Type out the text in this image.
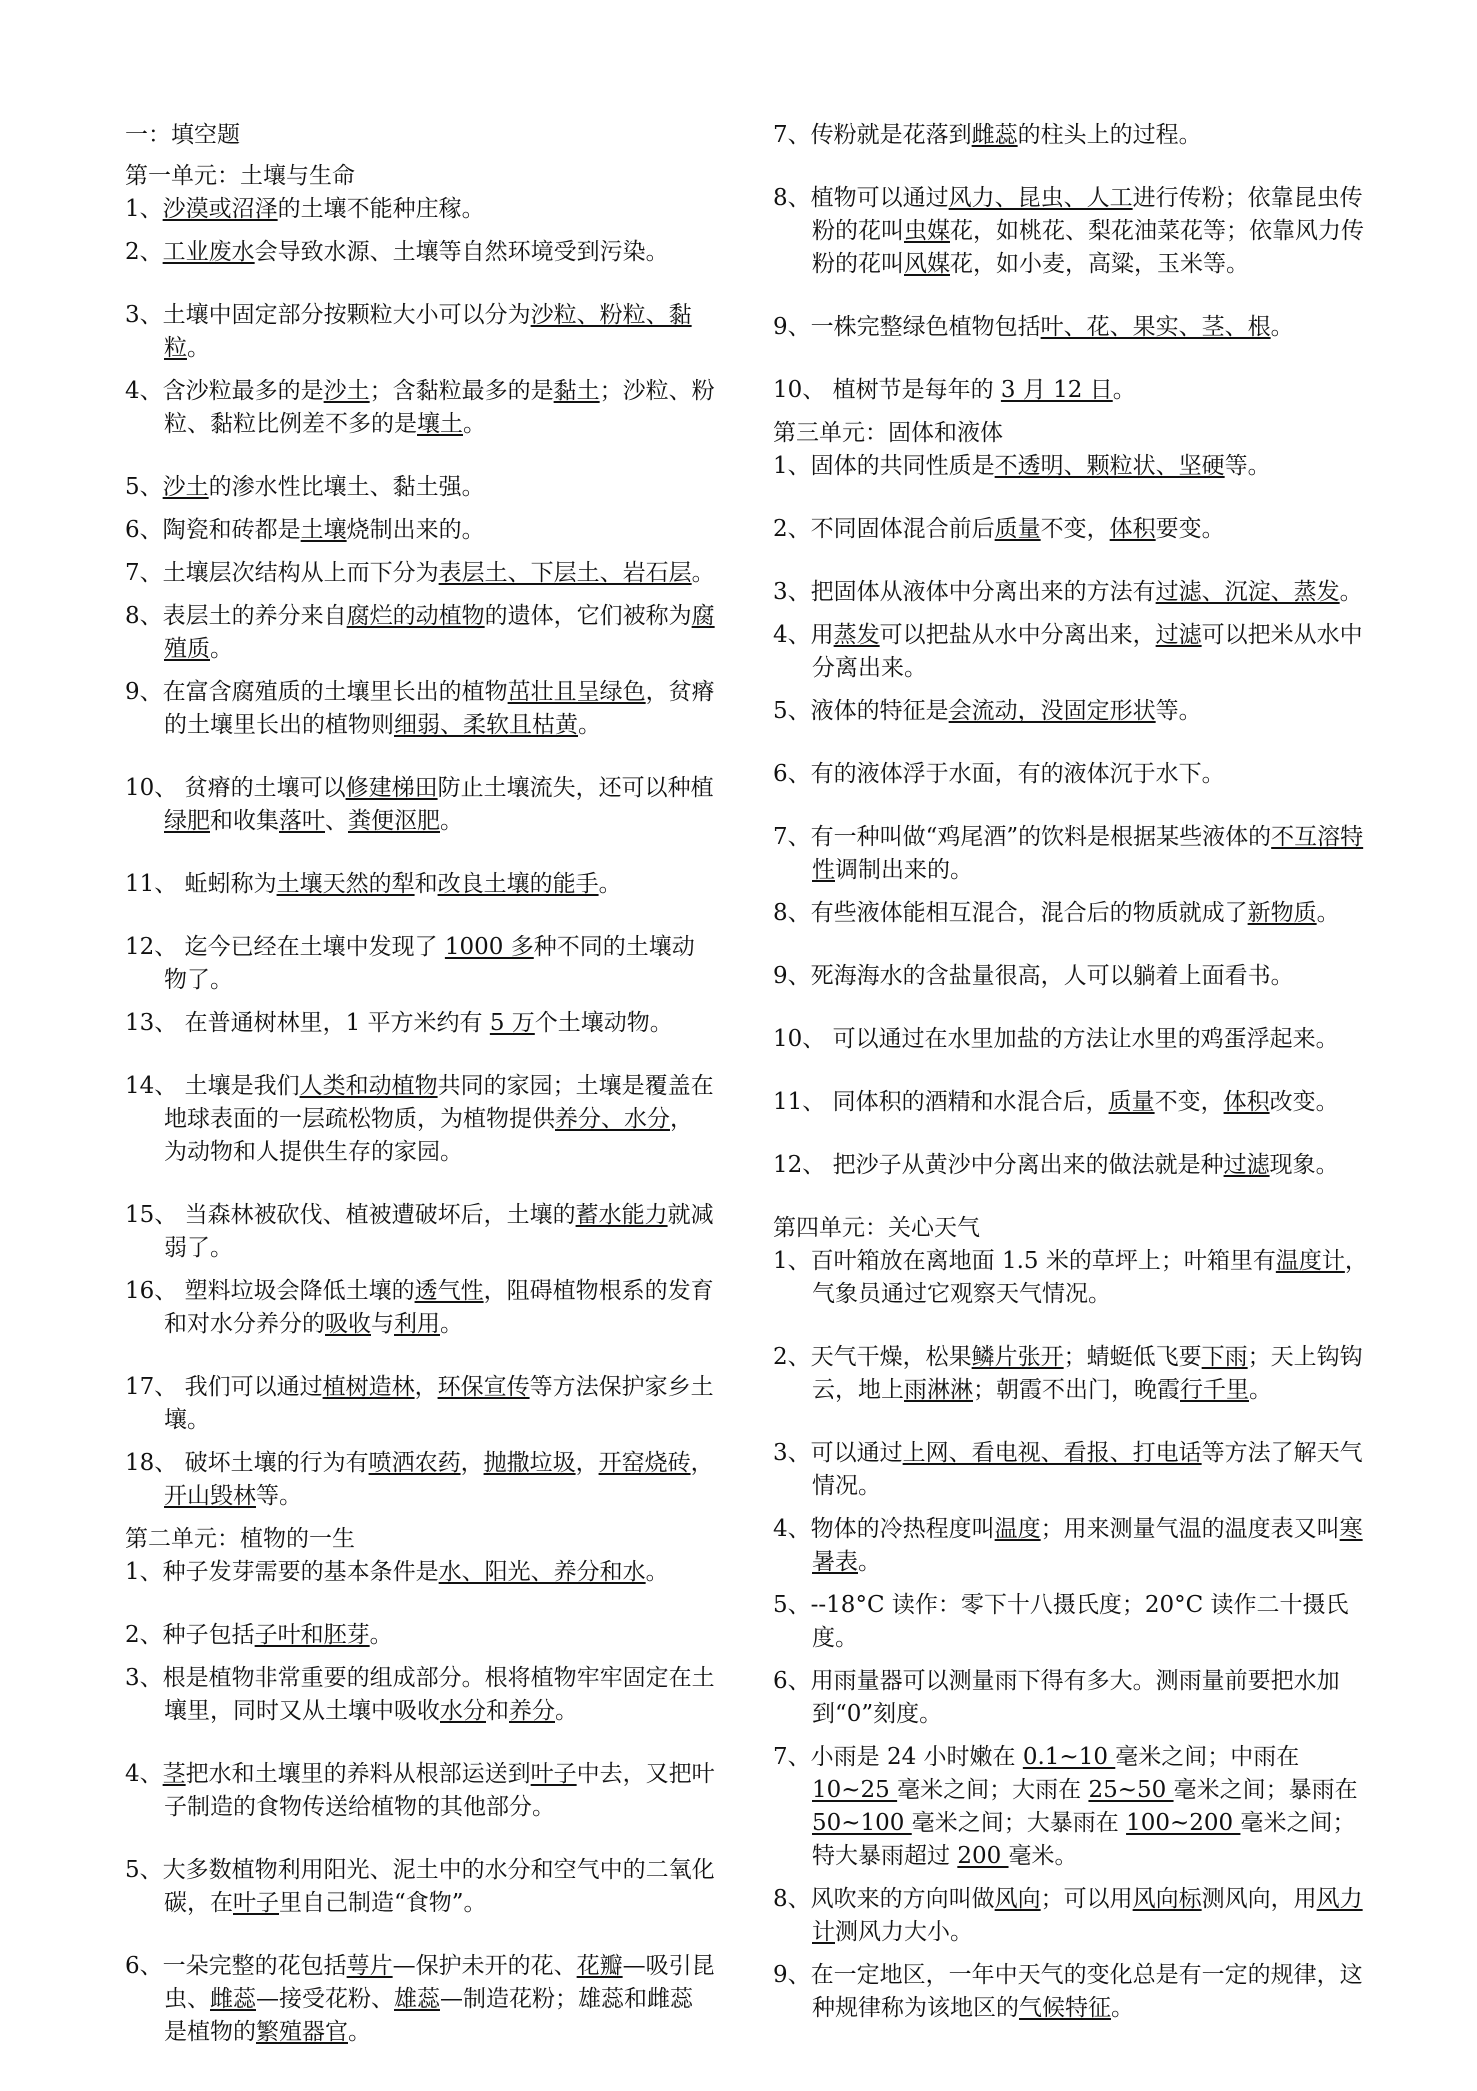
一：填空题
第一单元：土壤与生命
1、沙漠或沼泽的土壤不能种庄稼。
2、工业废水会导致水源、土壤等自然环境受到污染。
3、土壤中固定部分按颗粒大小可以分为沙粒、粉粒、黏粒。
4、含沙粒最多的是沙土；含黏粒最多的是黏土；沙粒、粉粒、黏粒比例差不多的是壤土。
5、沙土的渗水性比壤土、黏土强。
6、陶瓷和砖都是土壤烧制出来的。
7、土壤层次结构从上而下分为表层土、下层土、岩石层。
8、表层土的养分来自腐烂的动植物的遗体，它们被称为腐殖质。
9、在富含腐殖质的土壤里长出的植物茁壮且呈绿色，贫瘠的土壤里长出的植物则细弱、柔软且枯黄。
10、 贫瘠的土壤可以修建梯田防止土壤流失，还可以种植绿肥和收集落叶、粪便沤肥。
11、 蚯蚓称为土壤天然的犁和改良土壤的能手。
12、 迄今已经在土壤中发现了 1000 多种不同的土壤动物了。
13、 在普通树林里，1 平方米约有 5 万个土壤动物。
14、 土壤是我们人类和动植物共同的家园；土壤是覆盖在地球表面的一层疏松物质，为植物提供养分、水分，为动物和人提供生存的家园。
15、 当森林被砍伐、植被遭破坏后，土壤的蓄水能力就减弱了。
16、 塑料垃圾会降低土壤的透气性，阻碍植物根系的发育和对水分养分的吸收与利用。
17、 我们可以通过植树造林，环保宣传等方法保护家乡土壤。
18、 破坏土壤的行为有喷洒农药，抛撒垃圾，开窑烧砖，开山毁林等。
第二单元：植物的一生
1、种子发芽需要的基本条件是水、阳光、养分和水。
2、种子包括子叶和胚芽。
3、根是植物非常重要的组成部分。根将植物牢牢固定在土壤里，同时又从土壤中吸收水分和养分。
4、茎把水和土壤里的养料从根部运送到叶子中去，又把叶子制造的食物传送给植物的其他部分。
5、大多数植物利用阳光、泥土中的水分和空气中的二氧化碳，在叶子里自己制造“食物”。
6、一朵完整的花包括萼片—保护未开的花、花瓣—吸引昆虫、雌蕊—接受花粉、雄蕊—制造花粉；雄蕊和雌蕊是植物的繁殖器官。
7、传粉就是花落到雌蕊的柱头上的过程。
8、植物可以通过风力、昆虫、人工进行传粉；依靠昆虫传粉的花叫虫媒花，如桃花、梨花油菜花等；依靠风力传粉的花叫风媒花，如小麦，高粱，玉米等。
9、一株完整绿色植物包括叶、花、果实、茎、根。
10、 植树节是每年的 3 月 12 日。
第三单元：固体和液体
1、固体的共同性质是不透明、颗粒状、坚硬等。
2、不同固体混合前后质量不变，体积要变。
3、把固体从液体中分离出来的方法有过滤、沉淀、蒸发。
4、用蒸发可以把盐从水中分离出来，过滤可以把米从水中分离出来。
5、液体的特征是会流动，没固定形状等。
6、有的液体浮于水面，有的液体沉于水下。
7、有一种叫做“鸡尾酒”的饮料是根据某些液体的不互溶特性调制出来的。
8、有些液体能相互混合，混合后的物质就成了新物质。
9、死海海水的含盐量很高，人可以躺着上面看书。
10、 可以通过在水里加盐的方法让水里的鸡蛋浮起来。
11、 同体积的酒精和水混合后，质量不变，体积改变。
12、 把沙子从黄沙中分离出来的做法就是种过滤现象。
第四单元：关心天气
1、百叶箱放在离地面 1.5 米的草坪上；叶箱里有温度计，气象员通过它观察天气情况。
2、天气干燥，松果鳞片张开；蜻蜓低飞要下雨；天上钩钩云，地上雨淋淋；朝霞不出门，晚霞行千里。
3、可以通过上网、看电视、看报、打电话等方法了解天气情况。
4、物体的冷热程度叫温度；用来测量气温的温度表又叫寒暑表。
5、--18°C 读作：零下十八摄氏度；20°C 读作二十摄氏度。
6、用雨量器可以测量雨下得有多大。测雨量前要把水加到“0”刻度。
7、小雨是 24 小时嫩在 0.1~10 毫米之间；中雨在 10~25 毫米之间；大雨在 25~50 毫米之间；暴雨在 50~100 毫米之间；大暴雨在 100~200 毫米之间；特大暴雨超过 200 毫米。
8、风吹来的方向叫做风向；可以用风向标测风向，用风力计测风力大小。
9、在一定地区，一年中天气的变化总是有一定的规律，这种规律称为该地区的气候特征。
